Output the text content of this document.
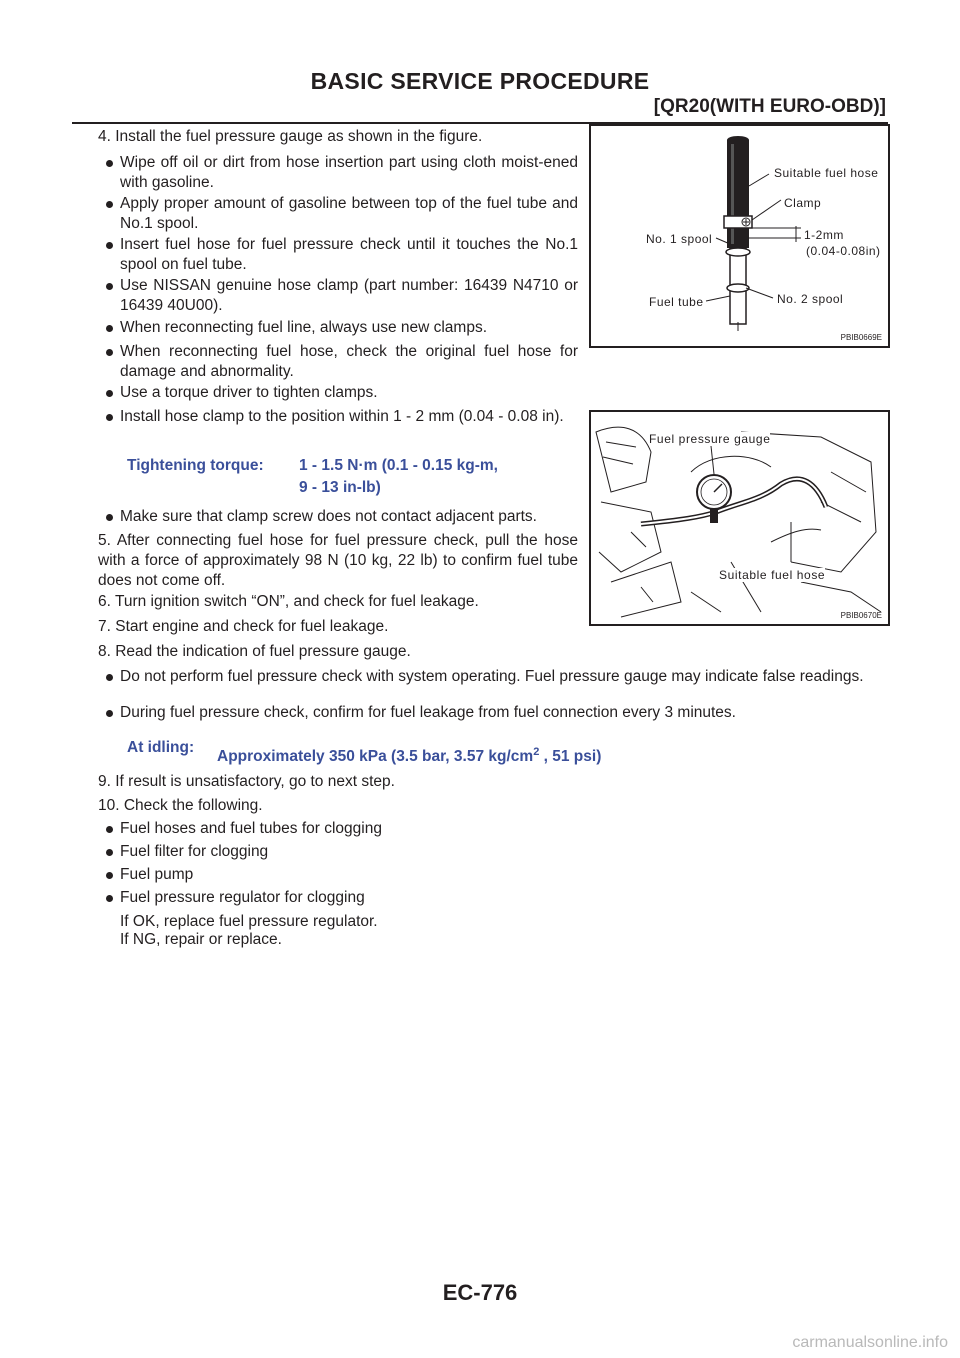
BASIC SERVICE PROCEDURE
[QR20(WITH EURO-OBD)]
4. Install the fuel pressure gauge as shown in the figure.
Wipe off oil or dirt from hose insertion part using cloth moist-ened with gasoline.
Apply proper amount of gasoline between top of the fuel tube and No.1 spool.
Insert fuel hose for fuel pressure check until it touches the No.1 spool on fuel tube.
Use NISSAN genuine hose clamp (part number: 16439 N4710 or 16439 40U00).
When reconnecting fuel line, always use new clamps.
When reconnecting fuel hose, check the original fuel hose for damage and abnormality.
Use a torque driver to tighten clamps.
Install hose clamp to the position within 1 - 2 mm (0.04 - 0.08 in).
Tightening torque: 1 - 1.5 N·m (0.1 - 0.15 kg-m,
9 - 13 in-lb)
Make sure that clamp screw does not contact adjacent parts.
5. After connecting fuel hose for fuel pressure check, pull the hose with a force of approximately 98 N (10 kg, 22 lb) to confirm fuel tube does not come off.
6. Turn ignition switch “ON”, and check for fuel leakage.
7. Start engine and check for fuel leakage.
8. Read the indication of fuel pressure gauge.
Do not perform fuel pressure check with system operating. Fuel pressure gauge may indicate false readings.
During fuel pressure check, confirm for fuel leakage from fuel connection every 3 minutes.
At idling:
Approximately 350 kPa (3.5 bar, 3.57 $kg/cm^2$ , 51 psi)
9. If result is unsatisfactory, go to next step.
10. Check the following.
Fuel hoses and fuel tubes for clogging
Fuel filter for clogging
Fuel pump
Fuel pressure regulator for clogging
If OK, replace fuel pressure regulator.
If NG, repair or replace.
Suitable fuel hose
Clamp
No. 1 spool	1-2mm
(0.04-0.08in)
Fuel tube	No. 2 spool
PBIB0669E
Fuel pressure gauge
Suitable fuel hose
PBIB0670E
EC-776
carmanualsonline.info
